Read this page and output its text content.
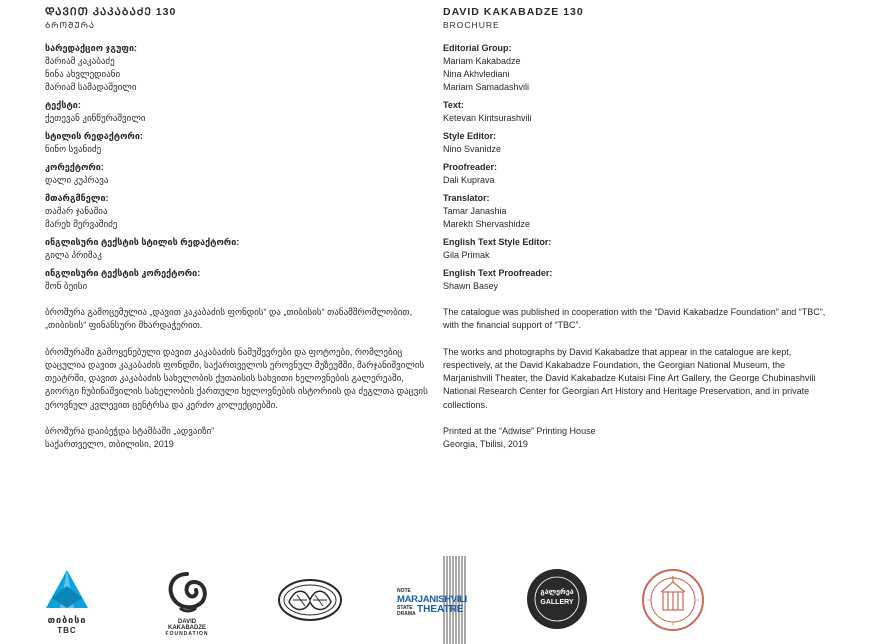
ᲓᲐᲕᲘᲗ ᲙᲐᲙᲐᲑᲐᲫᲔ 130
ᲑᲠᲝᲨᲣᲠᲐ
სარედაქციო ჯგუფი:
მარიამ კაკაბაძე
ნინა ახვლედიანი
მარიამ სამადაშვილი
ტექსტი:
ქეთევან კინწურაშვილი
სტილის რედაქტორი:
ნინო სვანიძე
კორექტორი:
დალი კუპრავა
მთარგმნელი:
თამარ ჯანაშია
მარეხ შერვაშიძე
ინგლისური ტექსტის სტილის რედაქტორი:
გილა პრიმაკ
ინგლისური ტექსტის კორექტორი:
შონ ბეისი
ბროშურა გამოცემულია „დავით კაკაბაძის ფონდის“ და „თიბისის“ თანამშრომლობით, „თიბისის“ ფინანსური მხარდაჭერით.
ბროშურაში გამოყენებული დავით კაკაბაძის ნამუშევრები და ფოტოები, რომლებიც დაცულია დავით კაკაბაძის ფონდში, საქართველოს ეროვნულ მუზეუმში, მარჯანიშვილის თეატრში, დავით კაკაბაძის სახელობის ქუთაისის სახვითი ხელოვნების გალერეაში, გიორგი ჩუბინაშვილის სახელობის ქართული ხელოვნების ისტორიის და ძეგლთა დაცვის ეროვნულ კვლევით ცენტრსა და კერძო კოლექციებში.
ბროშურა დაიბეჭდა სტამბაში „ადვაიზი“
საქართველო, თბილისი, 2019
DAVID KAKABADZE 130
BROCHURE
Editorial Group:
Mariam Kakabadze
Nina Akhvlediani
Mariam Samadashvili
Text:
Ketevan Kintsurashvili
Style Editor:
Nino Svanidze
Proofreader:
Dali Kuprava
Translator:
Tamar Janashia
Marekh Shervashidze
English Text Style Editor:
Gila Primak
English Text Proofreader:
Shawn Basey
The catalogue was published in cooperation with the “David Kakabadze Foundation” and “TBC”, with the financial support of “TBC”.
The works and photographs by David Kakabadze that appear in the catalogue are kept, respectively, at the David Kakabadze Foundation, the Georgian National Museum, the Marjanishvili Theater, the David Kakabadze Kutaisi Fine Art Gallery, the George Chubinashvili National Research Center for Georgian Art History and Heritage Preservation, and in private collections.
Printed at the “Adwise” Printing House
Georgia, Tbilisi, 2019
თიბისი
TBC
DAVID KAKABADZE
FOUNDATION
NOTE
MARJANISHVILI
STATE
DRAMA THEATRE
გალერეა
GALLERY
